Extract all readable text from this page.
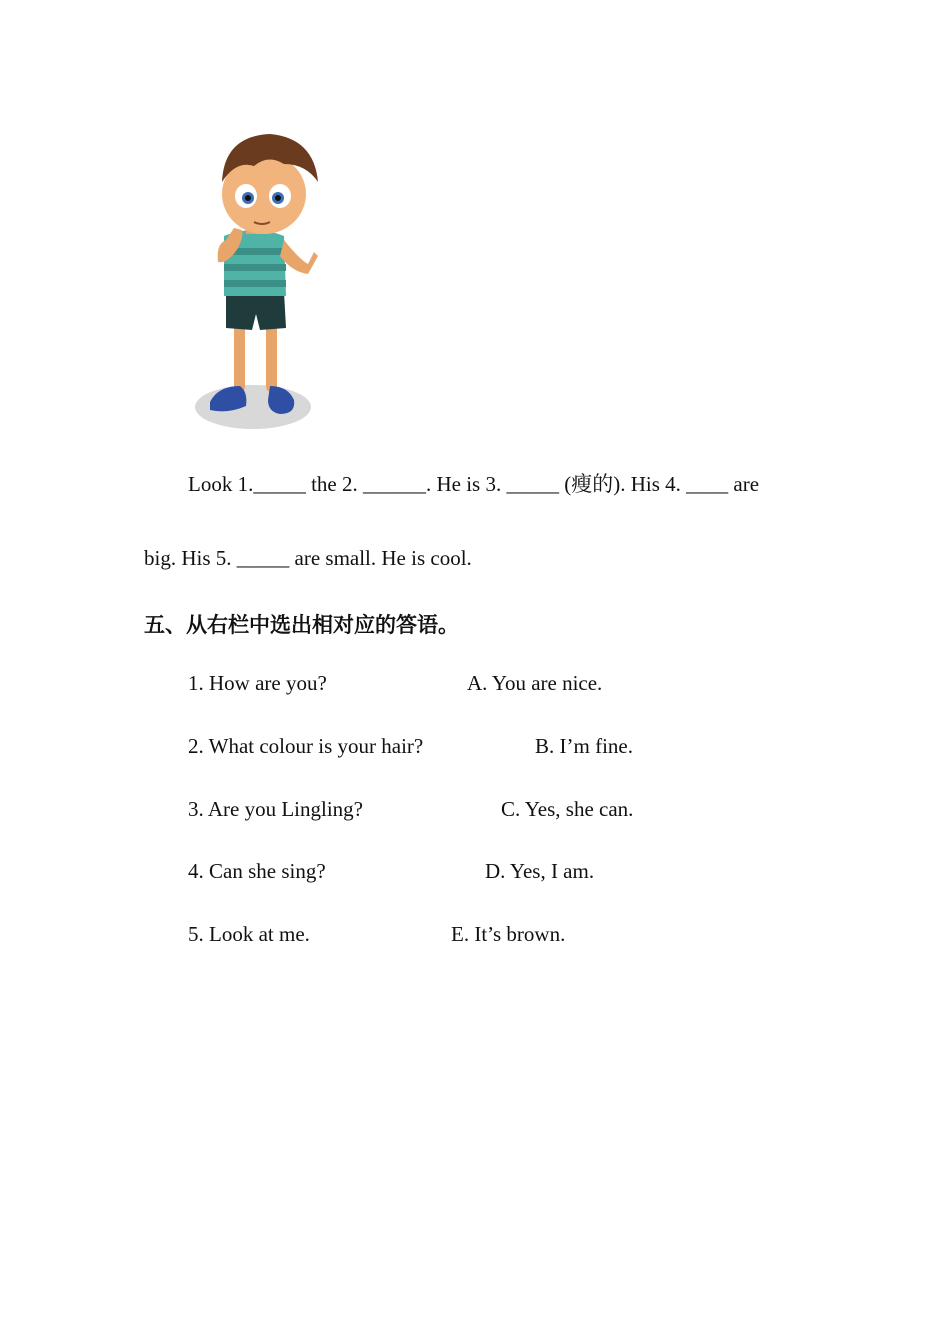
Look 1._____ the 2. ______. He is 3. _____ (瘦的). His 4. ____ are
big. His 5. _____ are small. He is cool.
五、从右栏中选出相对应的答语。
1. How are you?	A. You are nice.
2. What colour is your hair?	B. I’m fine.
3. Are you Lingling?	C. Yes, she can.
4. Can she sing?	D. Yes, I am.
5. Look at me.	E. It’s brown.
